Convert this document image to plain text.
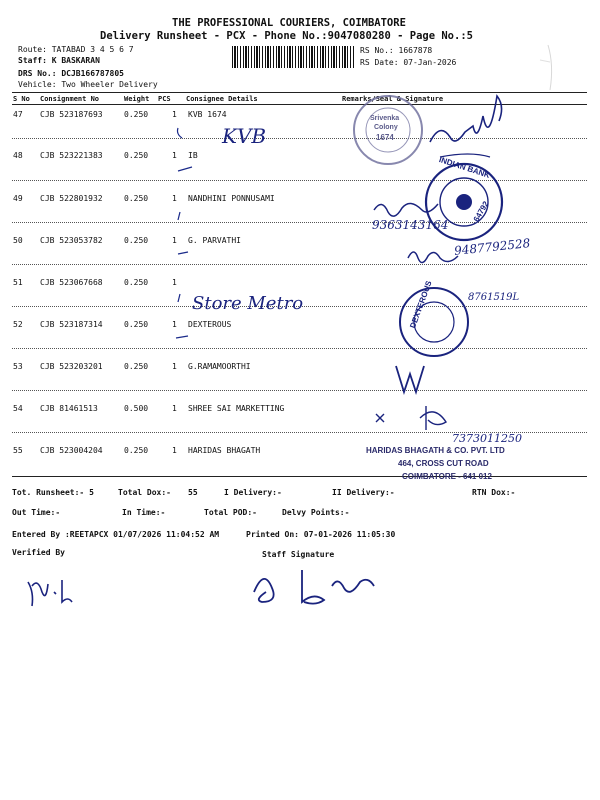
THE PROFESSIONAL COURIERS, COIMBATORE
Delivery Runsheet - PCX - Phone No.:9047080280 - Page No.:5
Route: TATABAD 3 4 5 6 7
Staff: K BASKARAN
DRS No.: DCJB166787805
Vehicle: Two Wheeler Delivery
RS No.: 1667878
RS Date: 07-Jan-2026
S No Consignment No	Weight PCS Consignee Details	Remarks/Seal & Signature
47 CJB 523187693	0.250	1 KVB 1674
48 CJB 523221383	0.250	1 IB
49 CJB 522801932	0.250	1 NANDHINI PONNUSAMI
50 CJB 523053782	0.250	1 G. PARVATHI
51 CJB 523067668	0.250	1
52 CJB 523187314	0.250	1 DEXTEROUS
53 CJB 523203201	0.250	1 G.RAMAMOORTHI
54 CJB 81461513	0.500	1 SHREE SAI MARKETTING
55 CJB 523004204	0.250	1 HARIDAS BHAGATH
KVB
Store Metro
Srivenka
Colony
1674
INDIAN BANK
64792
9363143164
9487792528
DEXTEROUS	8761519L
7373011250
HARIDAS BHAGATH & CO. PVT. LTD
464, CROSS CUT ROAD
COIMBATORE - 641 012
Tot. Runsheet:- 5	Total Dox:- 55	I Delivery:-	II Delivery:-	RTN Dox:-
Out Time:-	In Time:-	Total POD:-	Delvy Points:-
Entered By :REETAPCX 01/07/2026 11:04:52 AM	Printed On: 07-01-2026 11:05:30
Verified By	Staff Signature
